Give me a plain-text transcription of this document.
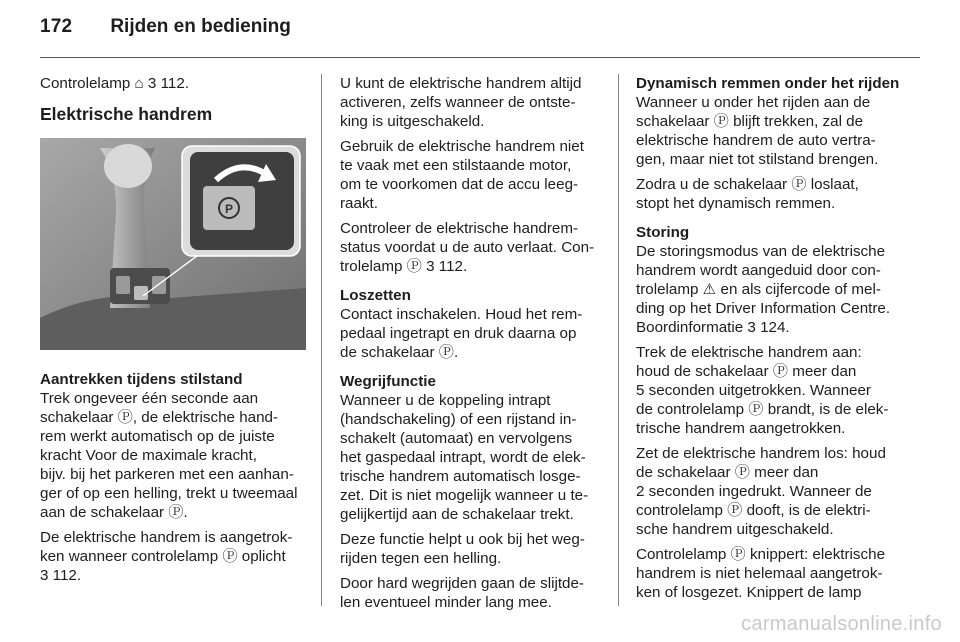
172 Rijden en bediening

Controlelamp ⌂ 3 112.

Elektrische handrem
P

Aantrekken tijdens stilstand

Trek ongeveer één seconde aan
schakelaar Ⓟ, de elektrische hand-
rem werkt automatisch op de juiste
kracht Voor de maximale kracht,
bijv. bij het parkeren met een aanhan-
ger of op een helling, trekt u tweemaal
aan de schakelaar Ⓟ.

De elektrische handrem is aangetrok-
ken wanneer controlelamp Ⓟ oplicht
3 112.

U kunt de elektrische handrem altijd
activeren, zelfs wanneer de ontste-
king is uitgeschakeld.

Gebruik de elektrische handrem niet
te vaak met een stilstaande motor,
om te voorkomen dat de accu leeg-
raakt.

Controleer de elektrische handrem-
status voordat u de auto verlaat. Con-
trolelamp Ⓟ 3 112.

Loszetten

Contact inschakelen. Houd het rem-
pedaal ingetrapt en druk daarna op
de schakelaar Ⓟ.

Wegrijfunctie

Wanneer u de koppeling intrapt
(handschakeling) of een rijstand in-
schakelt (automaat) en vervolgens
het gaspedaal intrapt, wordt de elek-
trische handrem automatisch losge-
zet. Dit is niet mogelijk wanneer u te-
gelijkertijd aan de schakelaar trekt.

Deze functie helpt u ook bij het weg-
rijden tegen een helling.

Door hard wegrijden gaan de slijtde-
len eventueel minder lang mee.

Dynamisch remmen onder het rijden

Wanneer u onder het rijden aan de
schakelaar Ⓟ blijft trekken, zal de
elektrische handrem de auto vertra-
gen, maar niet tot stilstand brengen.

Zodra u de schakelaar Ⓟ loslaat,
stopt het dynamisch remmen.

Storing

De storingsmodus van de elektrische
handrem wordt aangeduid door con-
trolelamp ⚠ en als cijfercode of mel-
ding op het Driver Information Centre.
Boordinformatie 3 124.

Trek de elektrische handrem aan:
houd de schakelaar Ⓟ meer dan
5 seconden uitgetrokken. Wanneer
de controlelamp Ⓟ brandt, is de elek-
trische handrem aangetrokken.

Zet de elektrische handrem los: houd
de schakelaar Ⓟ meer dan
2 seconden ingedrukt. Wanneer de
controlelamp Ⓟ dooft, is de elektri-
sche handrem uitgeschakeld.

Controlelamp Ⓟ knippert: elektrische
handrem is niet helemaal aangetrok-
ken of losgezet. Knippert de lamp

carmanualsonline.info
